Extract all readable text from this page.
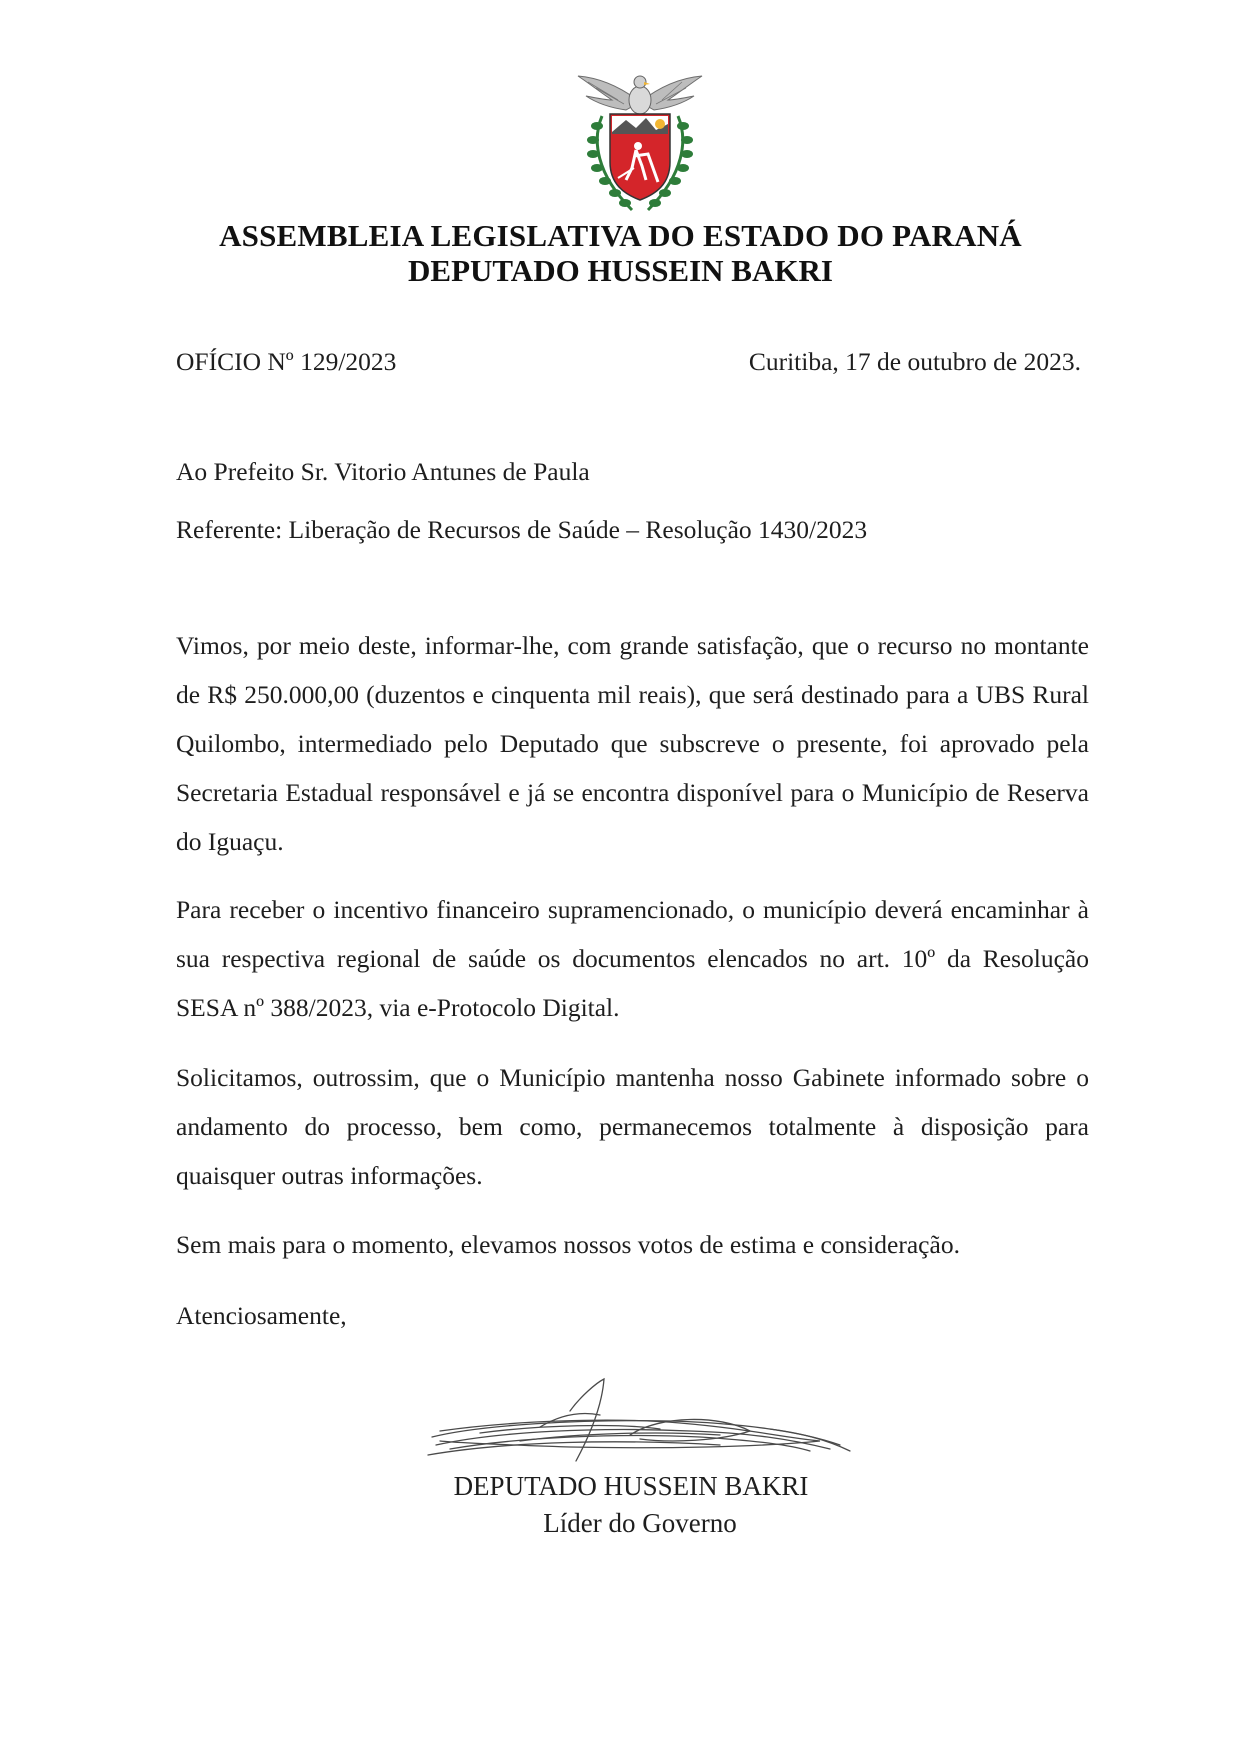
ASSEMBLEIA LEGISLATIVA DO ESTADO DO PARANÁ
DEPUTADO HUSSEIN BAKRI
OFÍCIO Nº 129/2023	Curitiba, 17 de outubro de 2023.
Ao Prefeito Sr. Vitorio Antunes de Paula
Referente: Liberação de Recursos de Saúde – Resolução 1430/2023
Vimos, por meio deste, informar-lhe, com grande satisfação, que o recurso no montante de R$ 250.000,00 (duzentos e cinquenta mil reais), que será destinado para a UBS Rural Quilombo, intermediado pelo Deputado que subscreve o presente, foi aprovado pela Secretaria Estadual responsável e já se encontra disponível para o Município de Reserva do Iguaçu.
Para receber o incentivo financeiro supramencionado, o município deverá encaminhar à sua respectiva regional de saúde os documentos elencados no art. 10º da Resolução SESA nº 388/2023, via e-Protocolo Digital.
Solicitamos, outrossim, que o Município mantenha nosso Gabinete informado sobre o andamento do processo, bem como, permanecemos totalmente à disposição para quaisquer outras informações.
Sem mais para o momento, elevamos nossos votos de estima e consideração.
Atenciosamente,
DEPUTADO HUSSEIN BAKRI
Líder do Governo
